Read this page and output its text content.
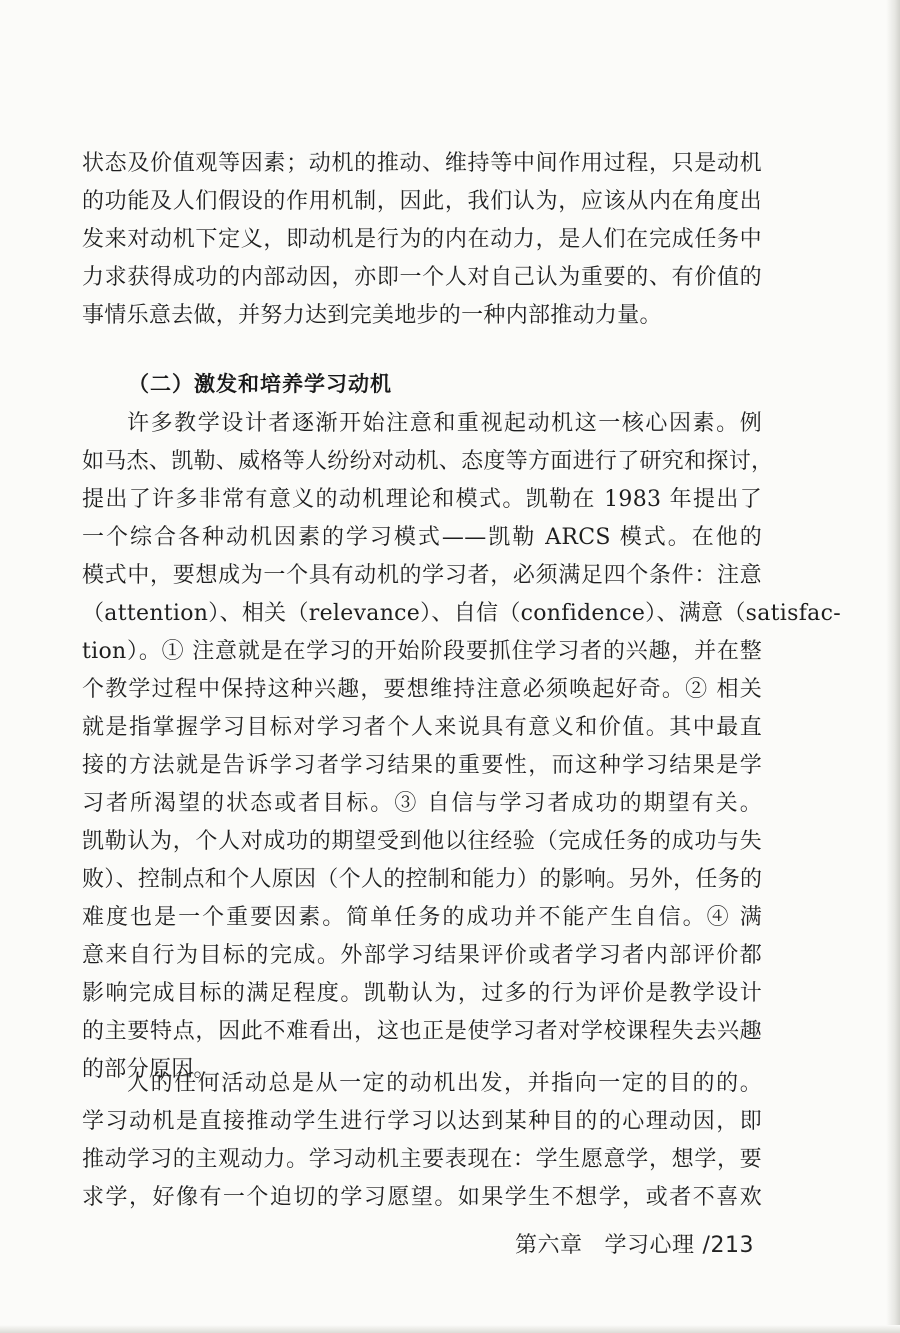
状态及价值观等因素；动机的推动、维持等中间作用过程，只是动机
的功能及人们假设的作用机制，因此，我们认为，应该从内在角度出
发来对动机下定义，即动机是行为的内在动力，是人们在完成任务中
力求获得成功的内部动因，亦即一个人对自己认为重要的、有价值的
事情乐意去做，并努力达到完美地步的一种内部推动力量。
（二）激发和培养学习动机
许多教学设计者逐渐开始注意和重视起动机这一核心因素。例
如马杰、凯勒、威格等人纷纷对动机、态度等方面进行了研究和探讨，
提出了许多非常有意义的动机理论和模式。凯勒在 1983 年提出了
一个综合各种动机因素的学习模式——凯勒 ARCS 模式。在他的
模式中，要想成为一个具有动机的学习者，必须满足四个条件：注意
（attention）、相关（relevance）、自信（confidence）、满意（satisfac-
tion）。① 注意就是在学习的开始阶段要抓住学习者的兴趣，并在整
个教学过程中保持这种兴趣，要想维持注意必须唤起好奇。② 相关
就是指掌握学习目标对学习者个人来说具有意义和价值。其中最直
接的方法就是告诉学习者学习结果的重要性，而这种学习结果是学
习者所渴望的状态或者目标。③ 自信与学习者成功的期望有关。
凯勒认为，个人对成功的期望受到他以往经验（完成任务的成功与失
败）、控制点和个人原因（个人的控制和能力）的影响。另外，任务的
难度也是一个重要因素。简单任务的成功并不能产生自信。④ 满
意来自行为目标的完成。外部学习结果评价或者学习者内部评价都
影响完成目标的满足程度。凯勒认为，过多的行为评价是教学设计
的主要特点，因此不难看出，这也正是使学习者对学校课程失去兴趣
的部分原因。
人的任何活动总是从一定的动机出发，并指向一定的目的的。
学习动机是直接推动学生进行学习以达到某种目的的心理动因，即
推动学习的主观动力。学习动机主要表现在：学生愿意学，想学，要
求学，好像有一个迫切的学习愿望。如果学生不想学，或者不喜欢
第六章 学习心理 /213
